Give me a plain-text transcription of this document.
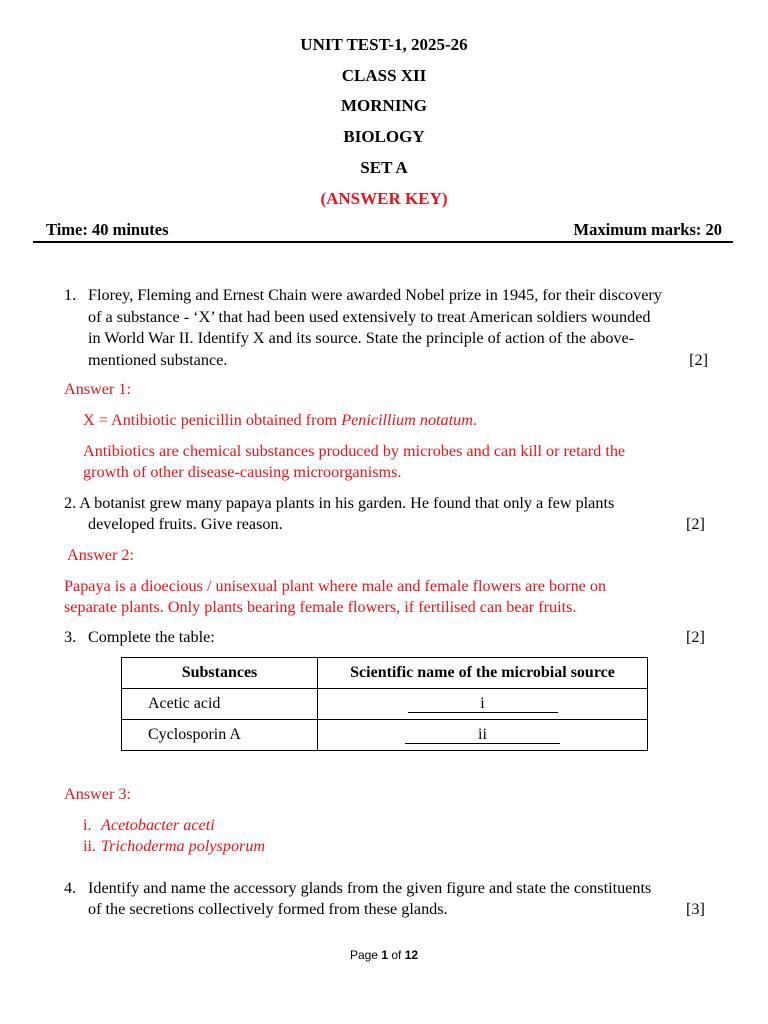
UNIT TEST-1, 2025-26
CLASS XII
MORNING
BIOLOGY
SET A
(ANSWER KEY)
Time: 40 minutes	Maximum marks: 20
1. Florey, Fleming and Ernest Chain were awarded Nobel prize in 1945, for their discovery
of a substance - ‘X’ that had been used extensively to treat American soldiers wounded
in World War II. Identify X and its source. State the principle of action of the above-
mentioned substance.	[2]
Answer 1:
X = Antibiotic penicillin obtained from Penicillium notatum.
Antibiotics are chemical substances produced by microbes and can kill or retard the
growth of other disease-causing microorganisms.
2. A botanist grew many papaya plants in his garden. He found that only a few plants
developed fruits. Give reason.	[2]
Answer 2:
Papaya is a dioecious / unisexual plant where male and female flowers are borne on
separate plants. Only plants bearing female flowers, if fertilised can bear fruits.
3. Complete the table:	[2]
Substances	Scientific name of the microbial source
Acetic acid	i
Cyclosporin A	ii
Answer 3:
i. Acetobacter aceti
ii. Trichoderma polysporum
4. Identify and name the accessory glands from the given figure and state the constituents
of the secretions collectively formed from these glands.	[3]
Page 1 of 12
